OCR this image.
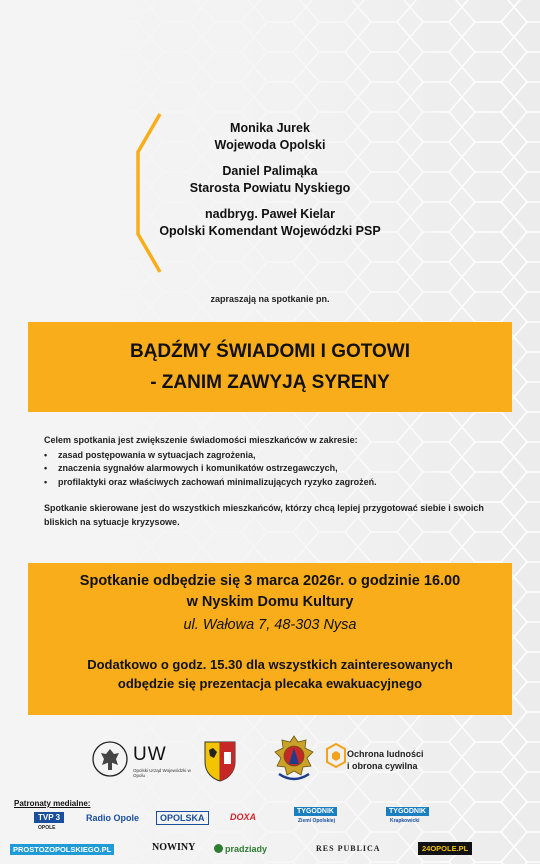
Monika Jurek
Wojewoda Opolski
Daniel Palimąka
Starosta Powiatu Nyskiego
nadbryg. Paweł Kielar
Opolski Komendant Wojewódzki PSP
zapraszają na spotkanie pn.
BĄDŹMY ŚWIADOMI I GOTOWI
- ZANIM ZAWYJĄ SYRENY

Celem spotkania jest zwiększenie świadomości mieszkańców w zakresie:

• zasad postępowania w sytuacjach zagrożenia,
• znaczenia sygnałów alarmowych i komunikatów ostrzegawczych,
• profilaktyki oraz właściwych zachowań minimalizujących ryzyko zagrożeń.

Spotkanie skierowane jest do wszystkich mieszkańców, którzy chcą lepiej przygotować siebie i swoich bliskich na sytuacje kryzysowe.

Spotkanie odbędzie się 3 marca 2026r. o godzinie 16.00
w Nyskim Domu Kultury
ul. Wałowa 7, 48-303 Nysa
Dodatkowo o godz. 15.30 dla wszystkich zainteresowanych
odbędzie się prezentacja plecaka ewakuacyjnego
UW
Opolski Urząd Wojewódzki w Opolu
Ochrona ludności
i obrona cywilna
Patronaty medialne:
TVP 3
OPOLE
Radio Opole	OPOLSKA	DOXA
TYGODNIK
Ziemi Opolskiej
TYGODNIK
Krapkowicki
PROSTOZOPOLSKIEGO.PL	NOWINY	pradziady	RES PUBLICA	24OPOLE.PL
